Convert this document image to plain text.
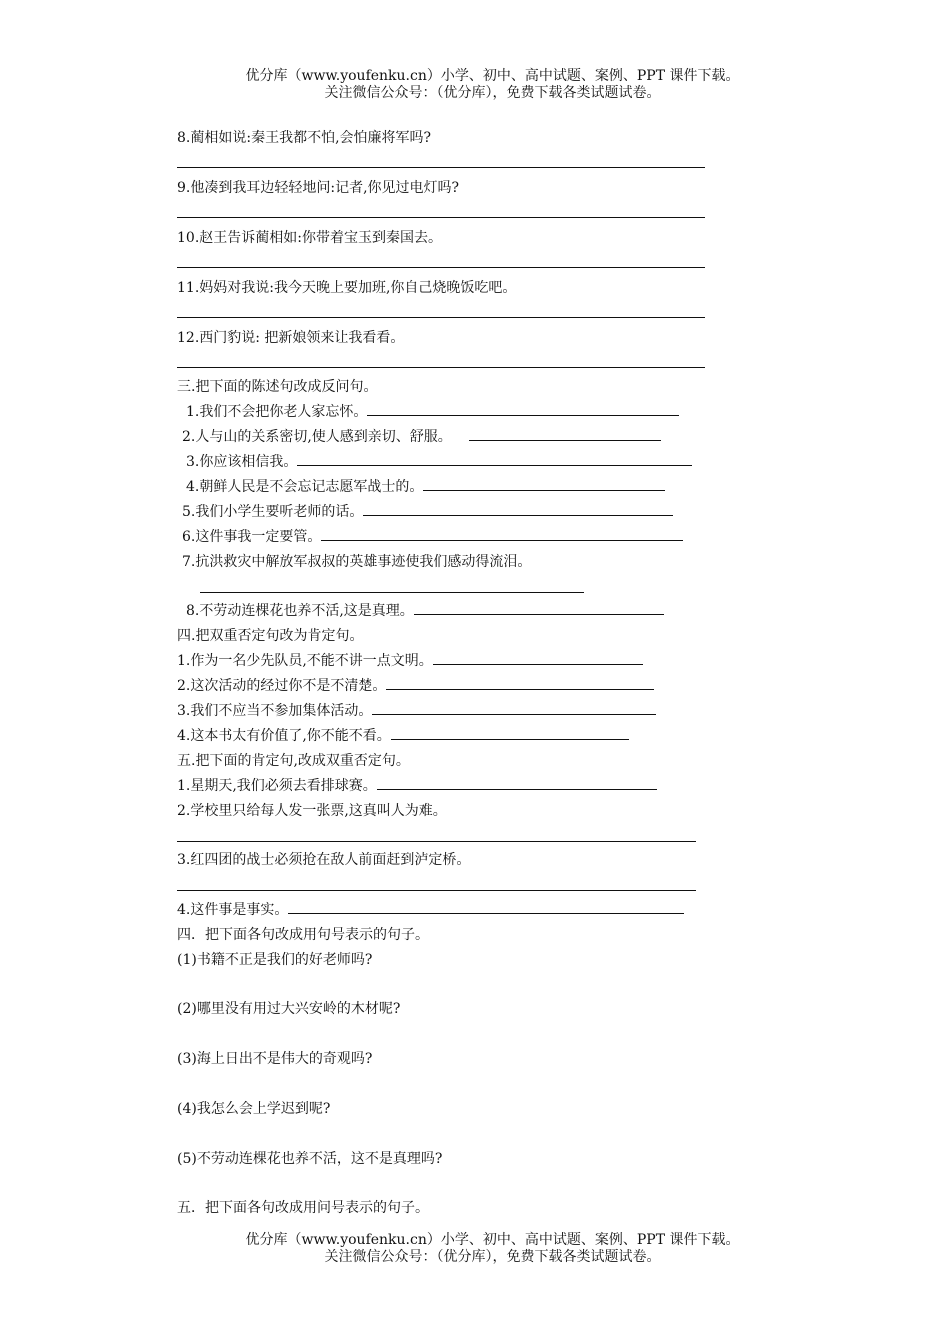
优分库（www.youfenku.cn）小学、初中、高中试题、案例、PPT 课件下载。
关注微信公众号：（优分库），免费下载各类试题试卷。
8.蔺相如说:秦王我都不怕,会怕廉将军吗?
9.他凑到我耳边轻轻地问:记者,你见过电灯吗?
10.赵王告诉蔺相如:你带着宝玉到秦国去。
11.妈妈对我说:我今天晚上要加班,你自己烧晚饭吃吧。
12.西门豹说: 把新娘领来让我看看。
三.把下面的陈述句改成反问句。
1.我们不会把你老人家忘怀。
2.人与山的关系密切,使人感到亲切、舒服。
3.你应该相信我。
4.朝鲜人民是不会忘记志愿军战士的。
5.我们小学生要听老师的话。
6.这件事我一定要管。
7.抗洪救灾中解放军叔叔的英雄事迹使我们感动得流泪。
8.不劳动连棵花也养不活,这是真理。
四.把双重否定句改为肯定句。
1.作为一名少先队员,不能不讲一点文明。
2.这次活动的经过你不是不清楚。
3.我们不应当不参加集体活动。
4.这本书太有价值了,你不能不看。
五.把下面的肯定句,改成双重否定句。
1.星期天,我们必须去看排球赛。
2.学校里只给每人发一张票,这真叫人为难。
3.红四团的战士必须抢在敌人前面赶到泸定桥。
4.这件事是事实。
四．把下面各句改成用句号表示的句子。
(1)书籍不正是我们的好老师吗?
(2)哪里没有用过大兴安岭的木材呢?
(3)海上日出不是伟大的奇观吗?
(4)我怎么会上学迟到呢?
(5)不劳动连棵花也养不活，这不是真理吗?
五．把下面各句改成用问号表示的句子。
优分库（www.youfenku.cn）小学、初中、高中试题、案例、PPT 课件下载。
关注微信公众号：（优分库），免费下载各类试题试卷。
